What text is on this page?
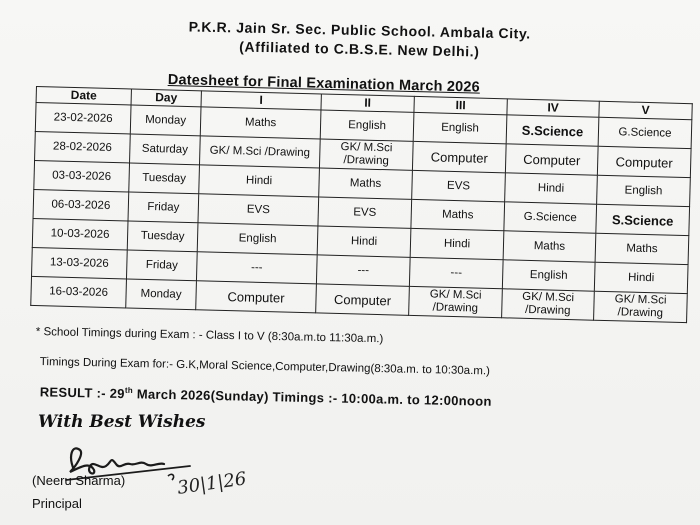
P.K.R. Jain Sr. Sec. Public School. Ambala City.
(Affiliated to C.B.S.E. New Delhi.)
Datesheet for Final Examination March 2026
Date	Day	I	II	III	IV	V
23-02-2026	Monday	Maths	English	English	S.Science	G.Science
28-02-2026	Saturday	GK/ M.Sci /Drawing	GK/ M.Sci /Drawing	Computer	Computer	Computer
03-03-2026	Tuesday	Hindi	Maths	EVS	Hindi	English
06-03-2026	Friday	EVS	EVS	Maths	G.Science	S.Science
10-03-2026	Tuesday	English	Hindi	Hindi	Maths	Maths
13-03-2026	Friday	---	---	---	English	Hindi
16-03-2026	Monday	Computer	Computer	GK/ M.Sci /Drawing	GK/ M.Sci /Drawing	GK/ M.Sci /Drawing
* School Timings during Exam : - Class I to V (8:30a.m.to 11:30a.m.)
Timings During Exam for:- G.K,Moral Science,Computer,Drawing(8:30a.m. to 10:30a.m.)
RESULT :- 29th March 2026(Sunday) Timings :- 10:00a.m. to 12:00noon
With Best Wishes
(Neeru Sharma)	30|1|26
Principal
